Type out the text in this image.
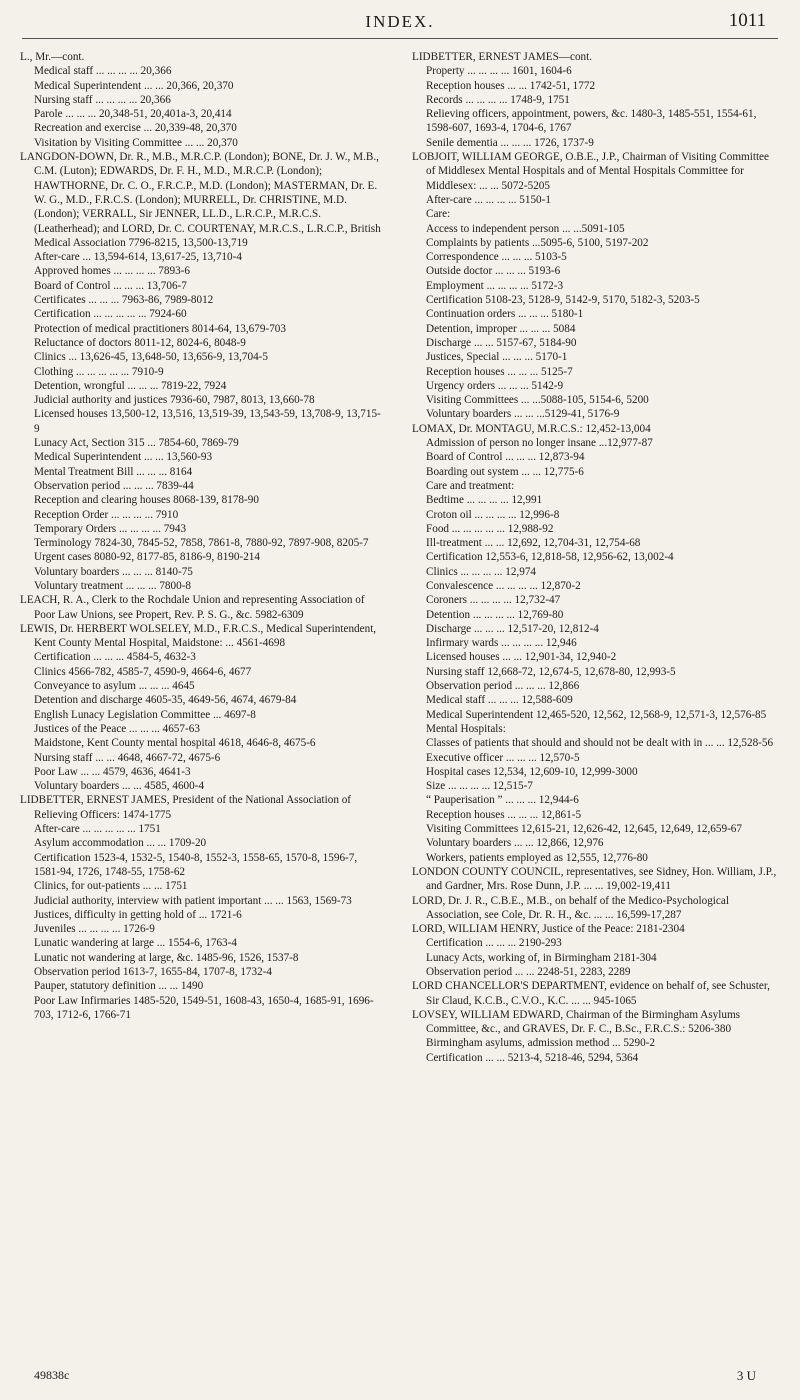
INDEX.	1011

L., Mr.—cont.

Medical staff ... ... ... ... 20,366

Medical Superintendent ... ... 20,366, 20,370

Nursing staff ... ... ... ... 20,366

Parole ... ... ... 20,348-51, 20,401a-3, 20,414

Recreation and exercise ... 20,339-48, 20,370

Visitation by Visiting Committee ... ... 20,370

LANGDON-DOWN, Dr. R., M.B., M.R.C.P. (London); BONE, Dr. J. W., M.B., C.M. (Luton); EDWARDS, Dr. F. H., M.D., M.R.C.P. (London); HAWTHORNE, Dr. C. O., F.R.C.P., M.D. (London); MASTERMAN, Dr. E. W. G., M.D., F.R.C.S. (London); MURRELL, Dr. CHRISTINE, M.D. (London); VERRALL, Sir JENNER, LL.D., L.R.C.P., M.R.C.S. (Leatherhead); and LORD, Dr. C. COURTENAY, M.R.C.S., L.R.C.P., British Medical Association 7796-8215, 13,500-13,719

After-care ... 13,594-614, 13,617-25, 13,710-4

Approved homes ... ... ... ... 7893-6

Board of Control ... ... ... 13,706-7

Certificates ... ... ... 7963-86, 7989-8012

Certification ... ... ... ... ... 7924-60

Protection of medical practitioners 8014-64, 13,679-703

Reluctance of doctors 8011-12, 8024-6, 8048-9

Clinics ... 13,626-45, 13,648-50, 13,656-9, 13,704-5

Clothing ... ... ... ... ... 7910-9

Detention, wrongful ... ... ... 7819-22, 7924

Judicial authority and justices 7936-60, 7987, 8013, 13,660-78

Licensed houses 13,500-12, 13,516, 13,519-39, 13,543-59, 13,708-9, 13,715-9

Lunacy Act, Section 315 ... 7854-60, 7869-79

Medical Superintendent ... ... 13,560-93

Mental Treatment Bill ... ... ... 8164

Observation period ... ... ... 7839-44

Reception and clearing houses 8068-139, 8178-90

Reception Order ... ... ... ... 7910

Temporary Orders ... ... ... ... 7943

Terminology 7824-30, 7845-52, 7858, 7861-8, 7880-92, 7897-908, 8205-7

Urgent cases 8080-92, 8177-85, 8186-9, 8190-214

Voluntary boarders ... ... ... 8140-75

Voluntary treatment ... ... ... 7800-8

LEACH, R. A., Clerk to the Rochdale Union and representing Association of Poor Law Unions, see Propert, Rev. P. S. G., &c. 5982-6309

LEWIS, Dr. HERBERT WOLSELEY, M.D., F.R.C.S., Medical Superintendent, Kent County Mental Hospital, Maidstone: ... 4561-4698

Certification ... ... ... 4584-5, 4632-3

Clinics 4566-782, 4585-7, 4590-9, 4664-6, 4677

Conveyance to asylum ... ... ... 4645

Detention and discharge 4605-35, 4649-56, 4674, 4679-84

English Lunacy Legislation Committee ... 4697-8

Justices of the Peace ... ... ... 4657-63

Maidstone, Kent County mental hospital 4618, 4646-8, 4675-6

Nursing staff ... ... 4648, 4667-72, 4675-6

Poor Law ... ... 4579, 4636, 4641-3

Voluntary boarders ... ... 4585, 4600-4

LIDBETTER, ERNEST JAMES, President of the National Association of Relieving Officers: 1474-1775

After-care ... ... ... ... ... 1751

Asylum accommodation ... ... 1709-20

Certification 1523-4, 1532-5, 1540-8, 1552-3, 1558-65, 1570-8, 1596-7, 1581-94, 1726, 1748-55, 1758-62

Clinics, for out-patients ... ... 1751

Judicial authority, interview with patient important ... ... 1563, 1569-73

Justices, difficulty in getting hold of ... 1721-6

Juveniles ... ... ... ... 1726-9

Lunatic wandering at large ... 1554-6, 1763-4

Lunatic not wandering at large, &c. 1485-96, 1526, 1537-8

Observation period 1613-7, 1655-84, 1707-8, 1732-4

Pauper, statutory definition ... ... 1490

Poor Law Infirmaries 1485-520, 1549-51, 1608-43, 1650-4, 1685-91, 1696-703, 1712-6, 1766-71

LIDBETTER, ERNEST JAMES—cont.

Property ... ... ... ... 1601, 1604-6

Reception houses ... ... 1742-51, 1772

Records ... ... ... ... 1748-9, 1751

Relieving officers, appointment, powers, &c. 1480-3, 1485-551, 1554-61, 1598-607, 1693-4, 1704-6, 1767

Senile dementia ... ... ... 1726, 1737-9

LOBJOIT, WILLIAM GEORGE, O.B.E., J.P., Chairman of Visiting Committee of Middlesex Mental Hospitals and of Mental Hospitals Committee for Middlesex: ... ... 5072-5205

After-care ... ... ... ... 5150-1

Care:

Access to independent person ... ...5091-105

Complaints by patients ...5095-6, 5100, 5197-202

Correspondence ... ... ... 5103-5

Outside doctor ... ... ... 5193-6

Employment ... ... ... ... 5172-3

Certification 5108-23, 5128-9, 5142-9, 5170, 5182-3, 5203-5

Continuation orders ... ... ... 5180-1

Detention, improper ... ... ... 5084

Discharge ... ... 5157-67, 5184-90

Justices, Special ... ... ... 5170-1

Reception houses ... ... ... 5125-7

Urgency orders ... ... ... 5142-9

Visiting Committees ... ...5088-105, 5154-6, 5200

Voluntary boarders ... ... ...5129-41, 5176-9

LOMAX, Dr. MONTAGU, M.R.C.S.: 12,452-13,004

Admission of person no longer insane ...12,977-87

Board of Control ... ... ... 12,873-94

Boarding out system ... ... 12,775-6

Care and treatment:

Bedtime ... ... ... ... 12,991

Croton oil ... ... ... ... 12,996-8

Food ... ... ... ... ... 12,988-92

Ill-treatment ... ... 12,692, 12,704-31, 12,754-68

Certification 12,553-6, 12,818-58, 12,956-62, 13,002-4

Clinics ... ... ... ... 12,974

Convalescence ... ... ... ... 12,870-2

Coroners ... ... ... ... 12,732-47

Detention ... ... ... ... 12,769-80

Discharge ... ... ... 12,517-20, 12,812-4

Infirmary wards ... ... ... ... 12,946

Licensed houses ... ... 12,901-34, 12,940-2

Nursing staff 12,668-72, 12,674-5, 12,678-80, 12,993-5

Observation period ... ... ... 12,866

Medical staff ... ... ... 12,588-609

Medical Superintendent 12,465-520, 12,562, 12,568-9, 12,571-3, 12,576-85

Mental Hospitals:

Classes of patients that should and should not be dealt with in ... ... 12,528-56

Executive officer ... ... ... 12,570-5

Hospital cases 12,534, 12,609-10, 12,999-3000

Size ... ... ... ... 12,515-7

“ Pauperisation ” ... ... ... 12,944-6

Reception houses ... ... ... 12,861-5

Visiting Committees 12,615-21, 12,626-42, 12,645, 12,649, 12,659-67

Voluntary boarders ... ... 12,866, 12,976

Workers, patients employed as 12,555, 12,776-80

LONDON COUNTY COUNCIL, representatives, see Sidney, Hon. William, J.P., and Gardner, Mrs. Rose Dunn, J.P. ... ... 19,002-19,411

LORD, Dr. J. R., C.B.E., M.B., on behalf of the Medico-Psychological Association, see Cole, Dr. R. H., &c. ... ... 16,599-17,287

LORD, WILLIAM HENRY, Justice of the Peace: 2181-2304

Certification ... ... ... 2190-293

Lunacy Acts, working of, in Birmingham 2181-304

Observation period ... ... 2248-51, 2283, 2289

LORD CHANCELLOR'S DEPARTMENT, evidence on behalf of, see Schuster, Sir Claud, K.C.B., C.V.O., K.C. ... ... 945-1065

LOVSEY, WILLIAM EDWARD, Chairman of the Birmingham Asylums Committee, &c., and GRAVES, Dr. F. C., B.Sc., F.R.C.S.: 5206-380

Birmingham asylums, admission method ... 5290-2

Certification ... ... 5213-4, 5218-46, 5294, 5364

49838c	3 U
